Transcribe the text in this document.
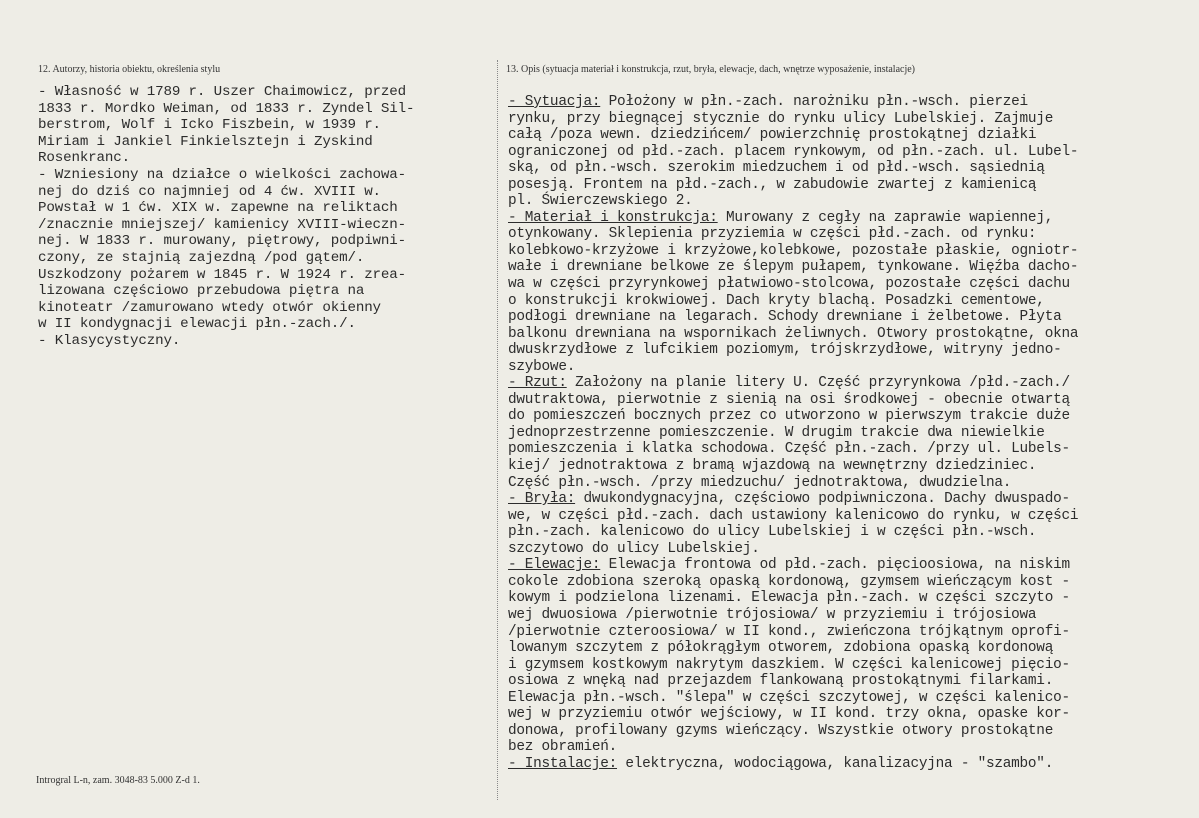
12. Autorzy, historia obiektu, określenia stylu	13. Opis (sytuacja materiał i konstrukcja, rzut, bryła, elewacje, dach, wnętrze wyposażenie, instalacje)
- Własność w 1789 r. Uszer Chaimowicz, przed
1833 r. Mordko Weiman, od 1833 r. Zyndel Sil-
berstrom, Wolf i Icko Fiszbein, w 1939 r.
Miriam i Jankiel Finkielsztejn i Zyskind
Rosenkranc.
- Wzniesiony na działce o wielkości zachowa-
nej do dziś co najmniej od 4 ćw. XVIII w.
Powstał w 1 ćw. XIX w. zapewne na reliktach
/znacznie mniejszej/ kamienicy XVIII-wieczn-
nej. W 1833 r. murowany, piętrowy, podpiwni-
czony, ze stajnią zajezdną /pod gątem/.
Uszkodzony pożarem w 1845 r. W 1924 r. zrea-
lizowana częściowo przebudowa piętra na
kinoteatr /zamurowano wtedy otwór okienny
w II kondygnacji elewacji płn.-zach./.
- Klasycystyczny.
- Sytuacja: Położony w płn.-zach. narożniku płn.-wsch. pierzei
rynku, przy biegnącej stycznie do rynku ulicy Lubelskiej. Zajmuje
całą /poza wewn. dziedzińcem/ powierzchnię prostokątnej działki
ograniczonej od płd.-zach. placem rynkowym, od płn.-zach. ul. Lubel-
ską, od płn.-wsch. szerokim miedzuchem i od płd.-wsch. sąsiednią
posesją. Frontem na płd.-zach., w zabudowie zwartej z kamienicą
pl. Świerczewskiego 2.
- Materiał i konstrukcja: Murowany z cegły na zaprawie wapiennej,
otynkowany. Sklepienia przyziemia w części płd.-zach. od rynku:
kolebkowo-krzyżowe i krzyżowe,kolebkowe, pozostałe płaskie, ogniotr-
wałe i drewniane belkowe ze ślepym pułapem, tynkowane. Więźba dacho-
wa w części przyrynkowej płatwiowo-stolcowa, pozostałe części dachu
o konstrukcji krokwiowej. Dach kryty blachą. Posadzki cementowe,
podłogi drewniane na legarach. Schody drewniane i żelbetowe. Płyta
balkonu drewniana na wspornikach żeliwnych. Otwory prostokątne, okna
dwuskrzydłowe z lufcikiem poziomym, trójskrzydłowe, witryny jedno-
szybowe.
- Rzut: Założony na planie litery U. Część przyrynkowa /płd.-zach./
dwutraktowa, pierwotnie z sienią na osi środkowej - obecnie otwartą
do pomieszczeń bocznych przez co utworzono w pierwszym trakcie duże
jednoprzestrzenne pomieszczenie. W drugim trakcie dwa niewielkie
pomieszczenia i klatka schodowa. Część płn.-zach. /przy ul. Lubels-
kiej/ jednotraktowa z bramą wjazdową na wewnętrzny dziedziniec.
Część płn.-wsch. /przy miedzuchu/ jednotraktowa, dwudzielna.
- Bryła: dwukondygnacyjna, częściowo podpiwniczona. Dachy dwuspado-
we, w części płd.-zach. dach ustawiony kalenicowo do rynku, w części
płn.-zach. kalenicowo do ulicy Lubelskiej i w części płn.-wsch.
szczytowo do ulicy Lubelskiej.
- Elewacje: Elewacja frontowa od płd.-zach. pięcioosiowa, na niskim
cokole zdobiona szeroką opaską kordonową, gzymsem wieńczącym kost -
kowym i podzielona lizenami. Elewacja płn.-zach. w części szczyto -
wej dwuosiowa /pierwotnie trójosiowa/ w przyziemiu i trójosiowa
/pierwotnie czteroosiowa/ w II kond., zwieńczona trójkątnym oprofi-
lowanym szczytem z półokrągłym otworem, zdobiona opaską kordonową
i gzymsem kostkowym nakrytym daszkiem. W części kalenicowej pięcio-
osiowa z wnęką nad przejazdem flankowaną prostokątnymi filarkami.
Elewacja płn.-wsch. "ślepa" w części szczytowej, w części kalenico-
wej w przyziemiu otwór wejściowy, w II kond. trzy okna, opaske kor-
donowa, profilowany gzyms wieńczący. Wszystkie otwory prostokątne
bez obramień.
- Instalacje: elektryczna, wodociągowa, kanalizacyjna - "szambo".
Introgral L-n, zam. 3048-83 5.000 Z-d 1.
